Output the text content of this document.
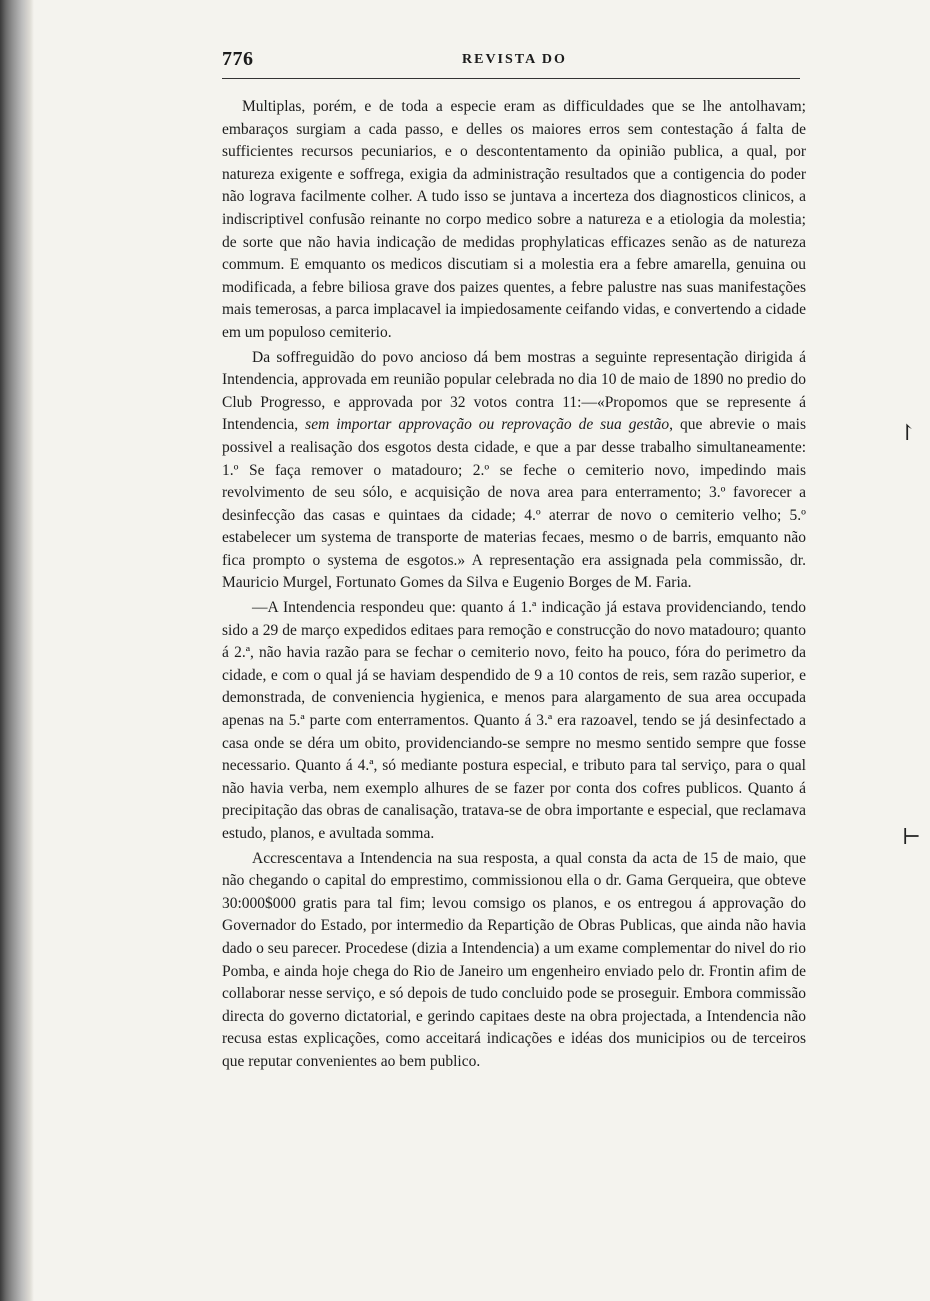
776	REVISTA DO

Multiplas, porém, e de toda a especie eram as difficuldades que se lhe antolhavam; embaraços surgiam a cada passo, e delles os maiores erros sem contestação á falta de sufficientes recursos pecuniarios, e o descontentamento da opinião publica, a qual, por natureza exigente e soffrega, exigia da administração resultados que a contigencia do poder não lograva facilmente colher. A tudo isso se juntava a incerteza dos diagnosticos clinicos, a indiscriptivel confusão reinante no corpo medico sobre a natureza e a etiologia da molestia; de sorte que não havia indicação de medidas prophylaticas efficazes senão as de natureza commum. E emquanto os medicos discutiam si a molestia era a febre amarella, genuina ou modificada, a febre biliosa grave dos paizes quentes, a febre palustre nas suas manifestações mais temerosas, a parca implacavel ia impiedosamente ceifando vidas, e convertendo a cidade em um populoso cemiterio.

Da soffreguidão do povo ancioso dá bem mostras a seguinte representação dirigida á Intendencia, approvada em reunião popular celebrada no dia 10 de maio de 1890 no predio do Club Progresso, e approvada por 32 votos contra 11:—«Propomos que se represente á Intendencia, sem importar approvação ou reprovação de sua gestão, que abrevie o mais possivel a realisação dos esgotos desta cidade, e que a par desse trabalho simultaneamente: 1.º Se faça remover o matadouro; 2.º se feche o cemiterio novo, impedindo mais revolvimento de seu sólo, e acquisição de nova area para enterramento; 3.º favorecer a desinfecção das casas e quintaes da cidade; 4.º aterrar de novo o cemiterio velho; 5.º estabelecer um systema de transporte de materias fecaes, mesmo o de barris, emquanto não fica prompto o systema de esgotos.» A representação era assignada pela commissão, dr. Mauricio Murgel, Fortunato Gomes da Silva e Eugenio Borges de M. Faria.

—A Intendencia respondeu que: quanto á 1.ª indicação já estava providenciando, tendo sido a 29 de março expedidos editaes para remoção e construcção do novo matadouro; quanto á 2.ª, não havia razão para se fechar o cemiterio novo, feito ha pouco, fóra do perimetro da cidade, e com o qual já se haviam despendido de 9 a 10 contos de reis, sem razão superior, e demonstrada, de conveniencia hygienica, e menos para alargamento de sua area occupada apenas na 5.ª parte com enterramentos. Quanto á 3.ª era razoavel, tendo se já desinfectado a casa onde se déra um obito, providenciando-se sempre no mesmo sentido sempre que fosse necessario. Quanto á 4.ª, só mediante postura especial, e tributo para tal serviço, para o qual não havia verba, nem exemplo alhures de se fazer por conta dos cofres publicos. Quanto á precipitação das obras de canalisação, tratava-se de obra importante e especial, que reclamava estudo, planos, e avultada somma.

Accrescentava a Intendencia na sua resposta, a qual consta da acta de 15 de maio, que não chegando o capital do emprestimo, commissionou ella o dr. Gama Gerqueira, que obteve 30:000$000 gratis para tal fim; levou comsigo os planos, e os entregou á approvação do Governador do Estado, por intermedio da Repartição de Obras Publicas, que ainda não havia dado o seu parecer. Procedese (dizia a Intendencia) a um exame complementar do nivel do rio Pomba, e ainda hoje chega do Rio de Janeiro um engenheiro enviado pelo dr. Frontin afim de collaborar nesse serviço, e só depois de tudo concluido pode se proseguir. Embora commissão directa do governo dictatorial, e gerindo capitaes deste na obra projectada, a Intendencia não recusa estas explicações, como acceitará indicações e idéas dos municipios ou de terceiros que reputar convenientes ao bem publico.

↾
⊢
